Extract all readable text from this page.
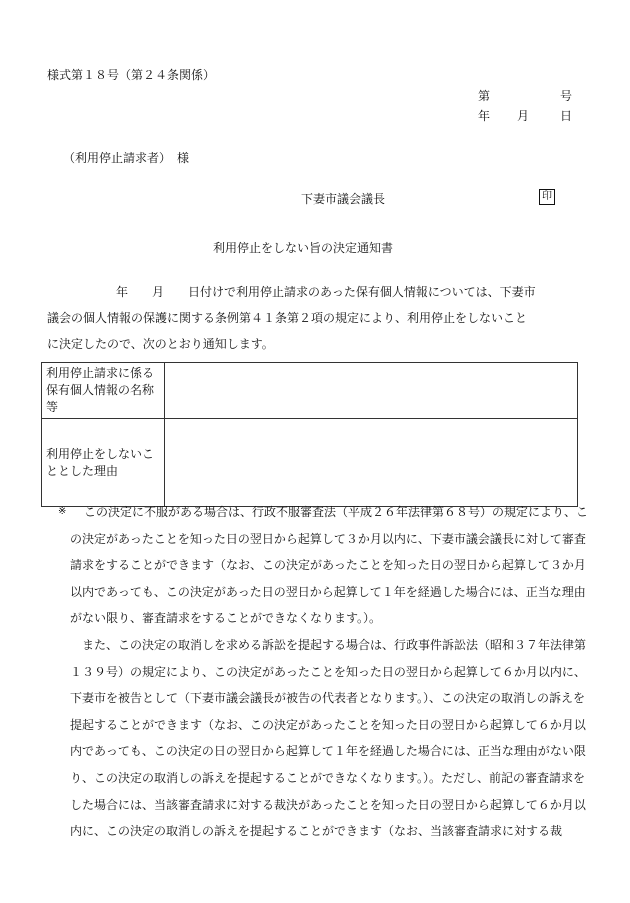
様式第１８号（第２４条関係）
第	号
年 月	日
（利用停止請求者）　様
下妻市議会議長	印
利用停止をしない旨の決定通知書
年　　月　　日付けで利用停止請求のあった保有個人情報については、下妻市
議会の個人情報の保護に関する条例第４１条第２項の規定により、利用停止をしないこと
に決定したので、次のとおり通知します。
利用停止請求に係る保有個人情報の名称等	
利用停止をしないこととした理由	
※	この決定に不服がある場合は、行政不服審査法（平成２６年法律第６８号）の規定により、この決定があったことを知った日の翌日から起算して３か月以内に、下妻市議会議長に対して審査請求をすることができます（なお、この決定があったことを知った日の翌日から起算して３か月以内であっても、この決定があった日の翌日から起算して１年を経過した場合には、正当な理由がない限り、審査請求をすることができなくなります。）。
また、この決定の取消しを求める訴訟を提起する場合は、行政事件訴訟法（昭和３７年法律第１３９号）の規定により、この決定があったことを知った日の翌日から起算して６か月以内に、下妻市を被告として（下妻市議会議長が被告の代表者となります。）、この決定の取消しの訴えを提起することができます（なお、この決定があったことを知った日の翌日から起算して６か月以内であっても、この決定の日の翌日から起算して１年を経過した場合には、正当な理由がない限り、この決定の取消しの訴えを提起することができなくなります。）。ただし、前記の審査請求をした場合には、当該審査請求に対する裁決があったことを知った日の翌日から起算して６か月以内に、この決定の取消しの訴えを提起することができます（なお、当該審査請求に対する裁
